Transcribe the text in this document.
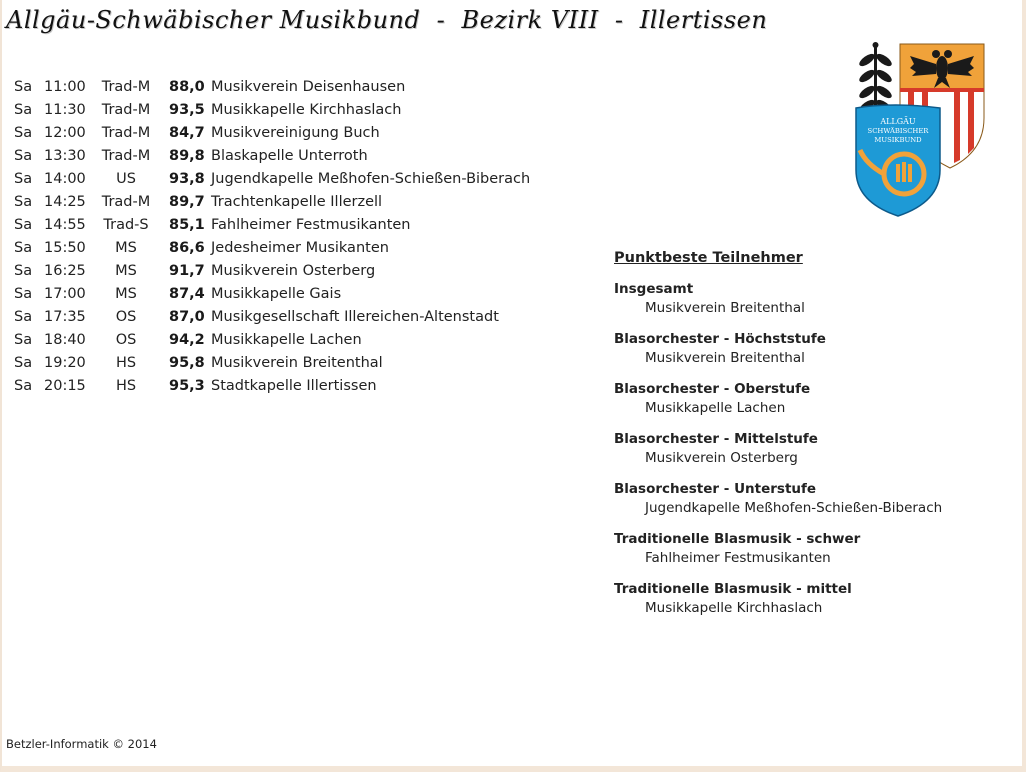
Allgäu-Schwäbischer Musikbund  -  Bezirk VIII  -  Illertissen
Sa 11:00 Trad-M 88,0 Musikverein Deisenhausen
Sa 11:30 Trad-M 93,5 Musikkapelle Kirchhaslach
Sa 12:00 Trad-M 84,7 Musikvereinigung Buch
Sa 13:30 Trad-M 89,8 Blaskapelle Unterroth
Sa 14:00	US	93,8 Jugendkapelle Meßhofen-Schießen-Biberach
Sa 14:25 Trad-M 89,7 Trachtenkapelle Illerzell
Sa 14:55	Trad-S	85,1 Fahlheimer Festmusikanten
Sa 15:50	MS	86,6 Jedesheimer Musikanten
Sa 16:25	MS	91,7 Musikverein Osterberg
Sa 17:00	MS	87,4 Musikkapelle Gais
Sa 17:35	OS	87,0 Musikgesellschaft Illereichen-Altenstadt
Sa 18:40	OS	94,2 Musikkapelle Lachen
Sa 19:20	HS	95,8 Musikverein Breitenthal
Sa 20:15	HS	95,3 Stadtkapelle Illertissen
ALLGÄU
SCHWÄBISCHER
MUSIKBUND
Punktbeste Teilnehmer
Insgesamt
Musikverein Breitenthal
Blasorchester - Höchststufe
Musikverein Breitenthal
Blasorchester - Oberstufe
Musikkapelle Lachen
Blasorchester - Mittelstufe
Musikverein Osterberg
Blasorchester - Unterstufe
Jugendkapelle Meßhofen-Schießen-Biberach
Traditionelle Blasmusik - schwer
Fahlheimer Festmusikanten
Traditionelle Blasmusik - mittel
Musikkapelle Kirchhaslach
Betzler-Informatik © 2014
